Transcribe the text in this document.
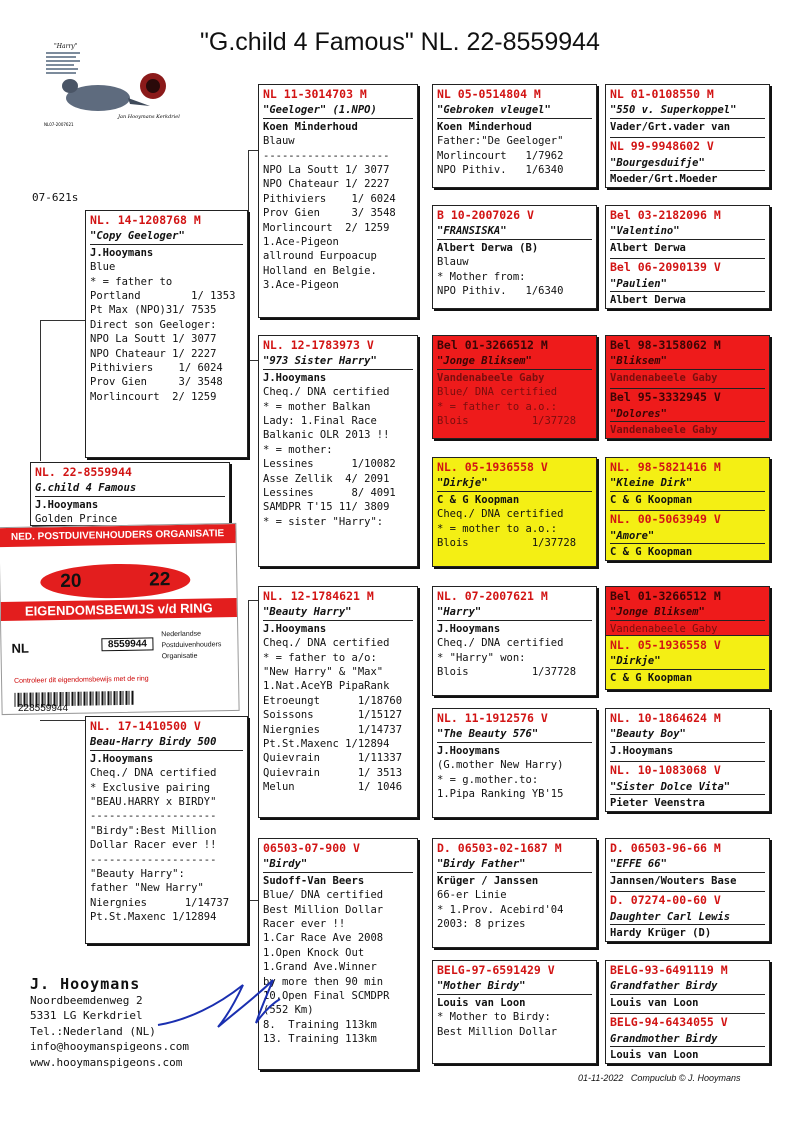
"G.child 4 Famous" NL. 22-8559944
"Harry"
Jan Hooymans Kerkdriel
NL07-2007621
07-621s
NL. 22-8559944
G.child 4 Famous
J.Hooymans
Golden Prince
NL. 14-1208768 M
"Copy Geeloger"
J.Hooymans
Blue
* = father to
Portland        1/ 1353
Pt Max (NPO)31/ 7535
Direct son Geeloger:
NPO La Soutt 1/ 3077
NPO Chateaur 1/ 2227
Pithiviers    1/ 6024
Prov Gien     3/ 3548
Morlincourt  2/ 1259
NL. 17-1410500 V
Beau-Harry Birdy 500
J.Hooymans
Cheq./ DNA certified
* Exclusive pairing
"BEAU.HARRY x BIRDY"
--------------------
"Birdy":Best Million
Dollar Racer ever !!
--------------------
"Beauty Harry":
father "New Harry"
Niergnies      1/14737
Pt.St.Maxenc 1/12894
NL 11-3014703 M
"Geeloger" (1.NPO)
Koen Minderhoud
Blauw
--------------------
NPO La Soutt 1/ 3077
NPO Chateaur 1/ 2227
Pithiviers    1/ 6024
Prov Gien     3/ 3548
Morlincourt  2/ 1259
1.Ace-Pigeon
allround Eurpoacup
Holland en Belgie.
3.Ace-Pigeon
NL. 12-1783973 V
"973 Sister Harry"
J.Hooymans
Cheq./ DNA certified
* = mother Balkan
Lady: 1.Final Race
Balkanic OLR 2013 !!
* = mother:
Lessines      1/10082
Asse Zellik  4/ 2091
Lessines      8/ 4091
SAMDPR T'15 11/ 3809
* = sister "Harry":
NL. 12-1784621 M
"Beauty Harry"
J.Hooymans
Cheq./ DNA certified
* = father to a/o:
"New Harry" & "Max"
1.Nat.AceYB PipaRank
Etroeungt      1/18760
Soissons       1/15127
Niergnies      1/14737
Pt.St.Maxenc 1/12894
Quievrain      1/11337
Quievrain      1/ 3513
Melun          1/ 1046
06503-07-900 V
"Birdy"
Sudoff-Van Beers
Blue/ DNA certified
Best Million Dollar
Racer ever !!
1.Car Race Ave 2008
1.Open Knock Out
1.Grand Ave.Winner
by more then 90 min
10.Open Final SCMDPR
(552 Km)
8.  Training 113km
13. Training 113km
NL 05-0514804 M
"Gebroken vleugel"
Koen Minderhoud
Father:"De Geeloger"
Morlincourt   1/7962
NPO Pithiv.   1/6340
B 10-2007026 V
"FRANSISKA"
Albert Derwa (B)
Blauw
* Mother from:
NPO Pithiv.   1/6340
Bel 01-3266512 M
"Jonge Bliksem"
Vandenabeele Gaby
Blue/ DNA certified
* = father to a.o.:
Blois          1/37728
NL. 05-1936558 V
"Dirkje"
C & G Koopman
Cheq./ DNA certified
* = mother to a.o.:
Blois          1/37728
NL. 07-2007621 M
"Harry"
J.Hooymans
Cheq./ DNA certified
* "Harry" won:
Blois          1/37728
NL. 11-1912576 V
"The Beauty 576"
J.Hooymans
(G.mother New Harry)
* = g.mother.to:
1.Pipa Ranking YB'15
D. 06503-02-1687 M
"Birdy Father"
Krüger / Janssen
66-er Linie
* 1.Prov. Acebird'04
2003: 8 prizes
BELG-97-6591429 V
"Mother Birdy"
Louis van Loon
* Mother to Birdy:
Best Million Dollar
NL 01-0108550 M
"550 v. Superkoppel"
Vader/Grt.vader van
NL 99-9948602 V
"Bourgesduifje"
Moeder/Grt.Moeder
Bel 03-2182096 M
"Valentino"
Albert Derwa
Bel 06-2090139 V
"Paulien"
Albert Derwa
Bel 98-3158062 M
"Bliksem"
Vandenabeele Gaby
Bel 95-3332945 V
"Dolores"
Vandenabeele Gaby
NL. 98-5821416 M
"Kleine Dirk"
C & G Koopman
NL. 00-5063949 V
"Amore"
C & G Koopman
Bel 01-3266512 M
"Jonge Bliksem"
Vandenabeele Gaby
NL. 05-1936558 V
"Dirkje"
C & G Koopman
NL. 10-1864624 M
"Beauty Boy"
J.Hooymans
NL. 10-1083068 V
"Sister Dolce Vita"
Pieter Veenstra
D. 06503-96-66 M
"EFFE 66"
Jannsen/Wouters Base
D. 07274-00-60 V
Daughter Carl Lewis
Hardy Krüger (D)
BELG-93-6491119 M
Grandfather Birdy
Louis van Loon
BELG-94-6434055 V
Grandmother Birdy
Louis van Loon
NED. POSTDUIVENHOUDERS ORGANISATIE
20	22
EIGENDOMSBEWIJS v/d RING
NL	8559944
Nederlandse
Postduivenhouders
Organisatie
Controleer dit eigendomsbewijs met de ring
228559944
J. Hooymans
Noordbeemdenweg 2
5331 LG Kerkdriel
Tel.:Nederland (NL)
info@hooymanspigeons.com
www.hooymanspigeons.com
01-11-2022   Compuclub © J. Hooymans
